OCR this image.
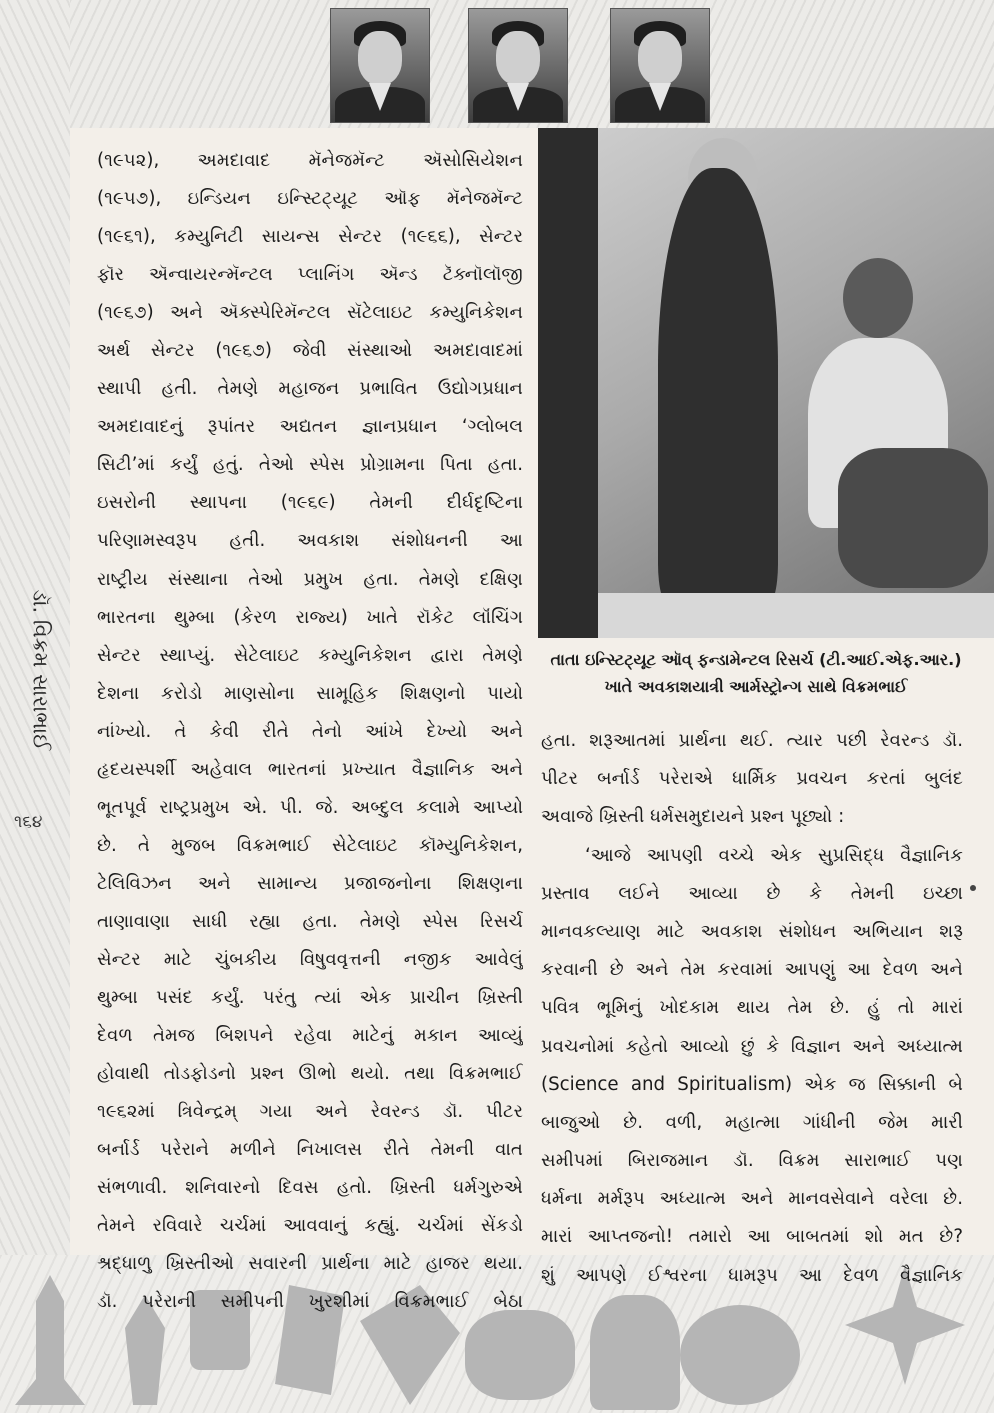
ડૉ. વિક્રમ સારાભાઈ
૧૬૪
તાતા ઇન્સ્ટિટ્યૂટ ઑવ્ ફન્ડામેન્ટલ રિસર્ચ (ટી.આઈ.એફ.આર.)
ખાતે અવકાશયાત્રી આર્મસ્ટ્રોન્ગ સાથે વિક્રમભાઈ
(૧૯૫૨), અમદાવાદ મૅનેજમૅન્ટ ઍસોસિયેશન
(૧૯૫૭), ઇન્ડિયન ઇન્સ્ટિટ્યૂટ ઑફ મૅનેજમૅન્ટ
(૧૯૬૧), કમ્યુનિટી સાયન્સ સેન્ટર (૧૯૬૬), સેન્ટર
ફૉર ઍન્વાયરન્મૅન્ટલ પ્લાનિંગ ઍન્ડ ટૅક્નૉલૉજી
(૧૯૬૭) અને ઍક્સ્પેરિમૅન્ટલ સૅટેલાઇટ કમ્યુનિકેશન
અર્થ સેન્ટર (૧૯૬૭) જેવી સંસ્થાઓ અમદાવાદમાં
સ્થાપી હતી. તેમણે મહાજન પ્રભાવિત ઉદ્યોગપ્રધાન
અમદાવાદનું રૂપાંતર અદ્યતન જ્ઞાનપ્રધાન ‘ગ્લોબલ
સિટી’માં કર્યું હતું. તેઓ સ્પેસ પ્રોગ્રામના પિતા હતા.
ઇસરોની સ્થાપના (૧૯૬૯) તેમની દીર્ઘદૃષ્ટિના
પરિણામસ્વરૂપ હતી. અવકાશ સંશોધનની આ
રાષ્ટ્રીય સંસ્થાના તેઓ પ્રમુખ હતા. તેમણે દક્ષિણ
ભારતના થુમ્બા (કેરળ રાજ્ય) ખાતે રૉકેટ લૉંચિંગ
સેન્ટર સ્થાપ્યું. સેટેલાઇટ કમ્યુનિકેશન દ્વારા તેમણે
દેશના કરોડો માણસોના સામૂહિક શિક્ષણનો પાયો
નાંખ્યો. તે કેવી રીતે તેનો આંખે દેખ્યો અને
હૃદયસ્પર્શી અહેવાલ ભારતનાં પ્રખ્યાત વૈજ્ઞાનિક અને
ભૂતપૂર્વ રાષ્ટ્રપ્રમુખ એ. પી. જે. અબ્દુલ કલામે આપ્યો
છે. તે મુજબ વિક્રમભાઈ સેટેલાઇટ કૉમ્યુનિકેશન,
ટેલિવિઝન અને સામાન્ય પ્રજાજનોના શિક્ષણના
તાણાવાણા સાધી રહ્યા હતા. તેમણે સ્પેસ રિસર્ચ
સેન્ટર માટે ચુંબકીય વિષુવવૃત્તની નજીક આવેલું
થુમ્બા પસંદ કર્યું. પરંતુ ત્યાં એક પ્રાચીન ખ્રિસ્તી
દેવળ તેમજ બિશપને રહેવા માટેનું મકાન આવ્યું
હોવાથી તોડફોડનો પ્રશ્ન ઊભો થયો. તથા વિક્રમભાઈ
૧૯૬૨માં ત્રિવેન્દ્રમ્ ગયા અને રેવરન્ડ ડૉ. પીટર
બર્નાર્ડ પરેરાને મળીને નિખાલસ રીતે તેમની વાત
સંભળાવી. શનિવારનો દિવસ હતો. ખ્રિસ્તી ધર્મગુરુએ
તેમને રવિવારે ચર્ચમાં આવવાનું કહ્યું. ચર્ચમાં સેંકડો
શ્રદ્ધાળુ ખ્રિસ્તીઓ સવારની પ્રાર્થના માટે હાજર થયા.
ડૉ. પરેરાની સમીપની ખુરશીમાં વિક્રમભાઈ બેઠા
હતા. શરૂઆતમાં પ્રાર્થના થઈ. ત્યાર પછી રેવરન્ડ ડૉ.
પીટર બર્નાર્ડ પરેરાએ ધાર્મિક પ્રવચન કરતાં બુલંદ
અવાજે ખ્રિસ્તી ધર્મસમુદાયને પ્રશ્ન પૂછ્યો :
‘આજે આપણી વચ્ચે એક સુપ્રસિદ્ધ વૈજ્ઞાનિક
પ્રસ્તાવ લઈને આવ્યા છે કે તેમની ઇચ્છા
માનવકલ્યાણ માટે અવકાશ સંશોધન અભિયાન શરૂ
કરવાની છે અને તેમ કરવામાં આપણું આ દેવળ અને
પવિત્ર ભૂમિનું ખોદકામ થાય તેમ છે. હું તો મારાં
પ્રવચનોમાં કહેતો આવ્યો છું કે વિજ્ઞાન અને અધ્યાત્મ
(Science and Spiritualism) એક જ સિક્કાની બે
બાજુઓ છે. વળી, મહાત્મા ગાંધીની જેમ મારી
સમીપમાં બિરાજમાન ડૉ. વિક્રમ સારાભાઈ પણ
ધર્મના મર્મરૂપ અધ્યાત્મ અને માનવસેવાને વરેલા છે.
મારાં આપ્તજનો! તમારો આ બાબતમાં શો મત છે?
શું આપણે ઈશ્વરના ધામરૂપ આ દેવળ વૈજ્ઞાનિક
